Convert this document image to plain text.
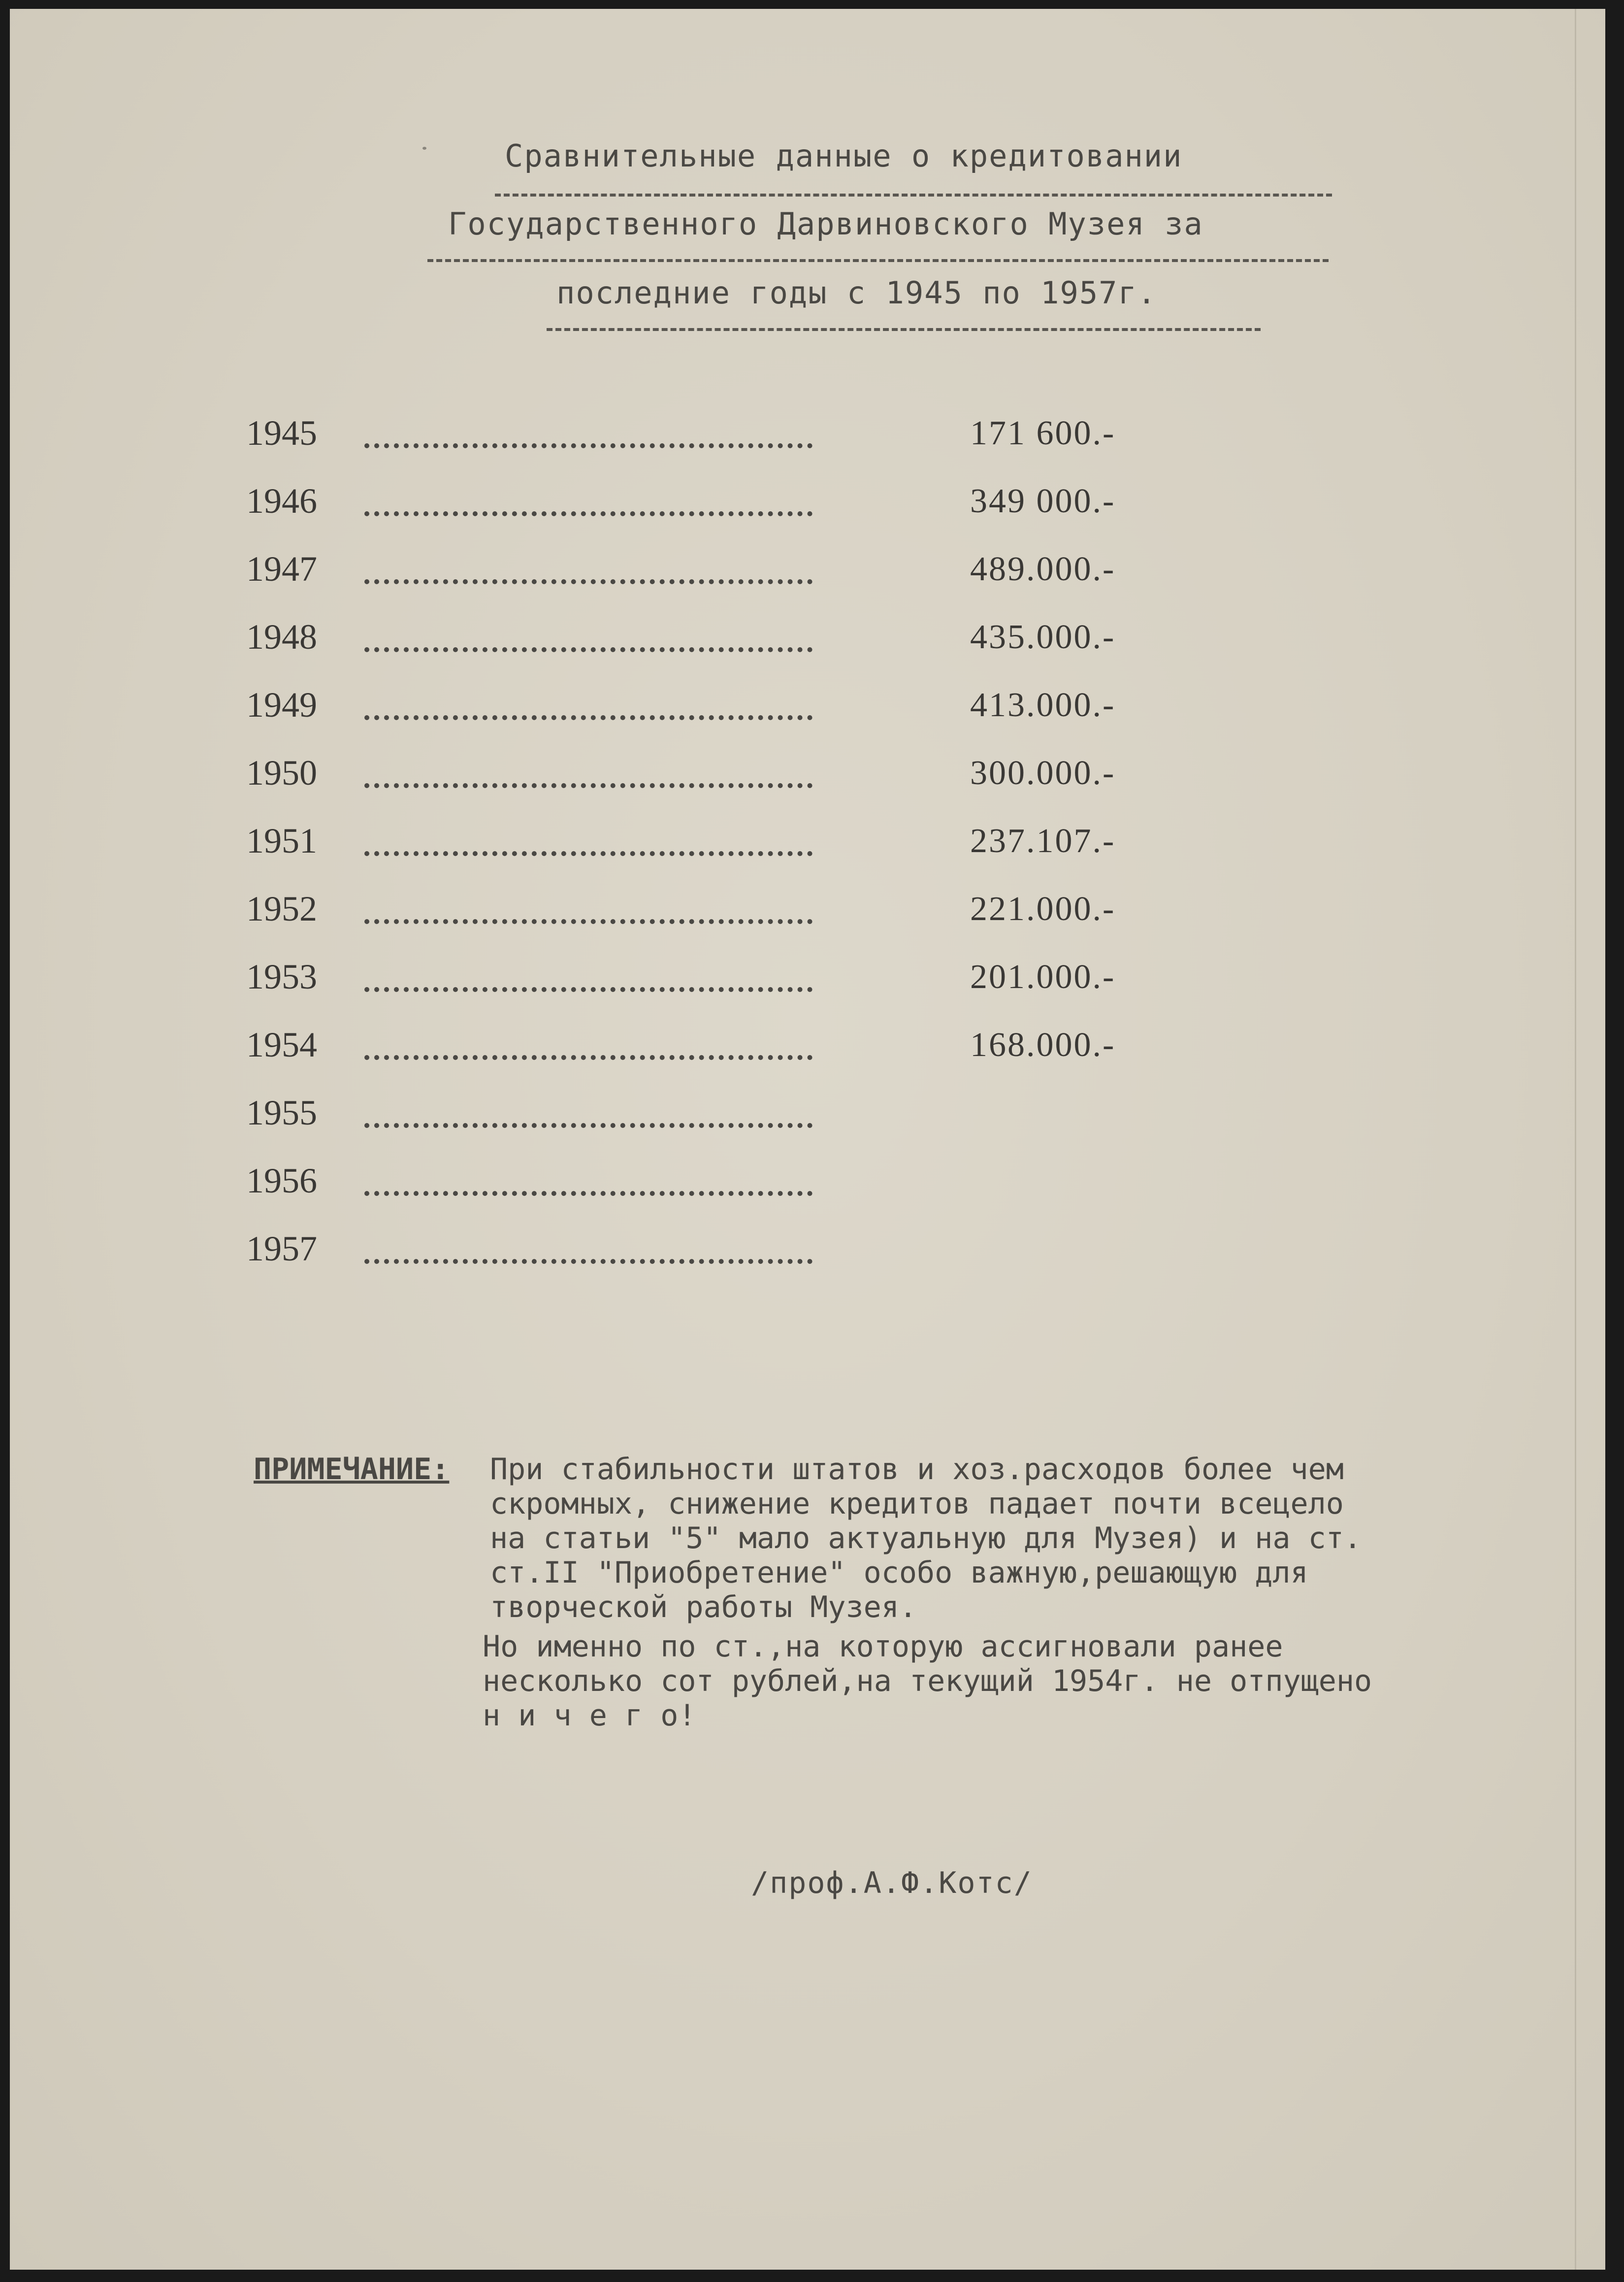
Сравнительные данные о кредитовании
Государственного Дарвиновского Музея за
последние годы с 1945 по 1957г.
1945	171 600.-
1946	349 000.-
1947	489.000.-
1948	435.000.-
1949	413.000.-
1950	300.000.-
1951	237.107.-
1952	221.000.-
1953	201.000.-
1954	168.000.-
1955
1956
1957
ПРИМЕЧАНИЕ: При стабильности штатов и хоз.расходов более чем
скромных, снижение кредитов падает почти всецело
на статьи "5" мало актуальную для Музея) и на ст.
ст.II "Приобретение" особо важную,решающую для
творческой работы Музея.
Но именно по ст.,на которую ассигновали ранее
несколько сот рублей,на текущий 1954г. не отпущено
н и ч е г о!
/проф.А.Ф.Котс/
